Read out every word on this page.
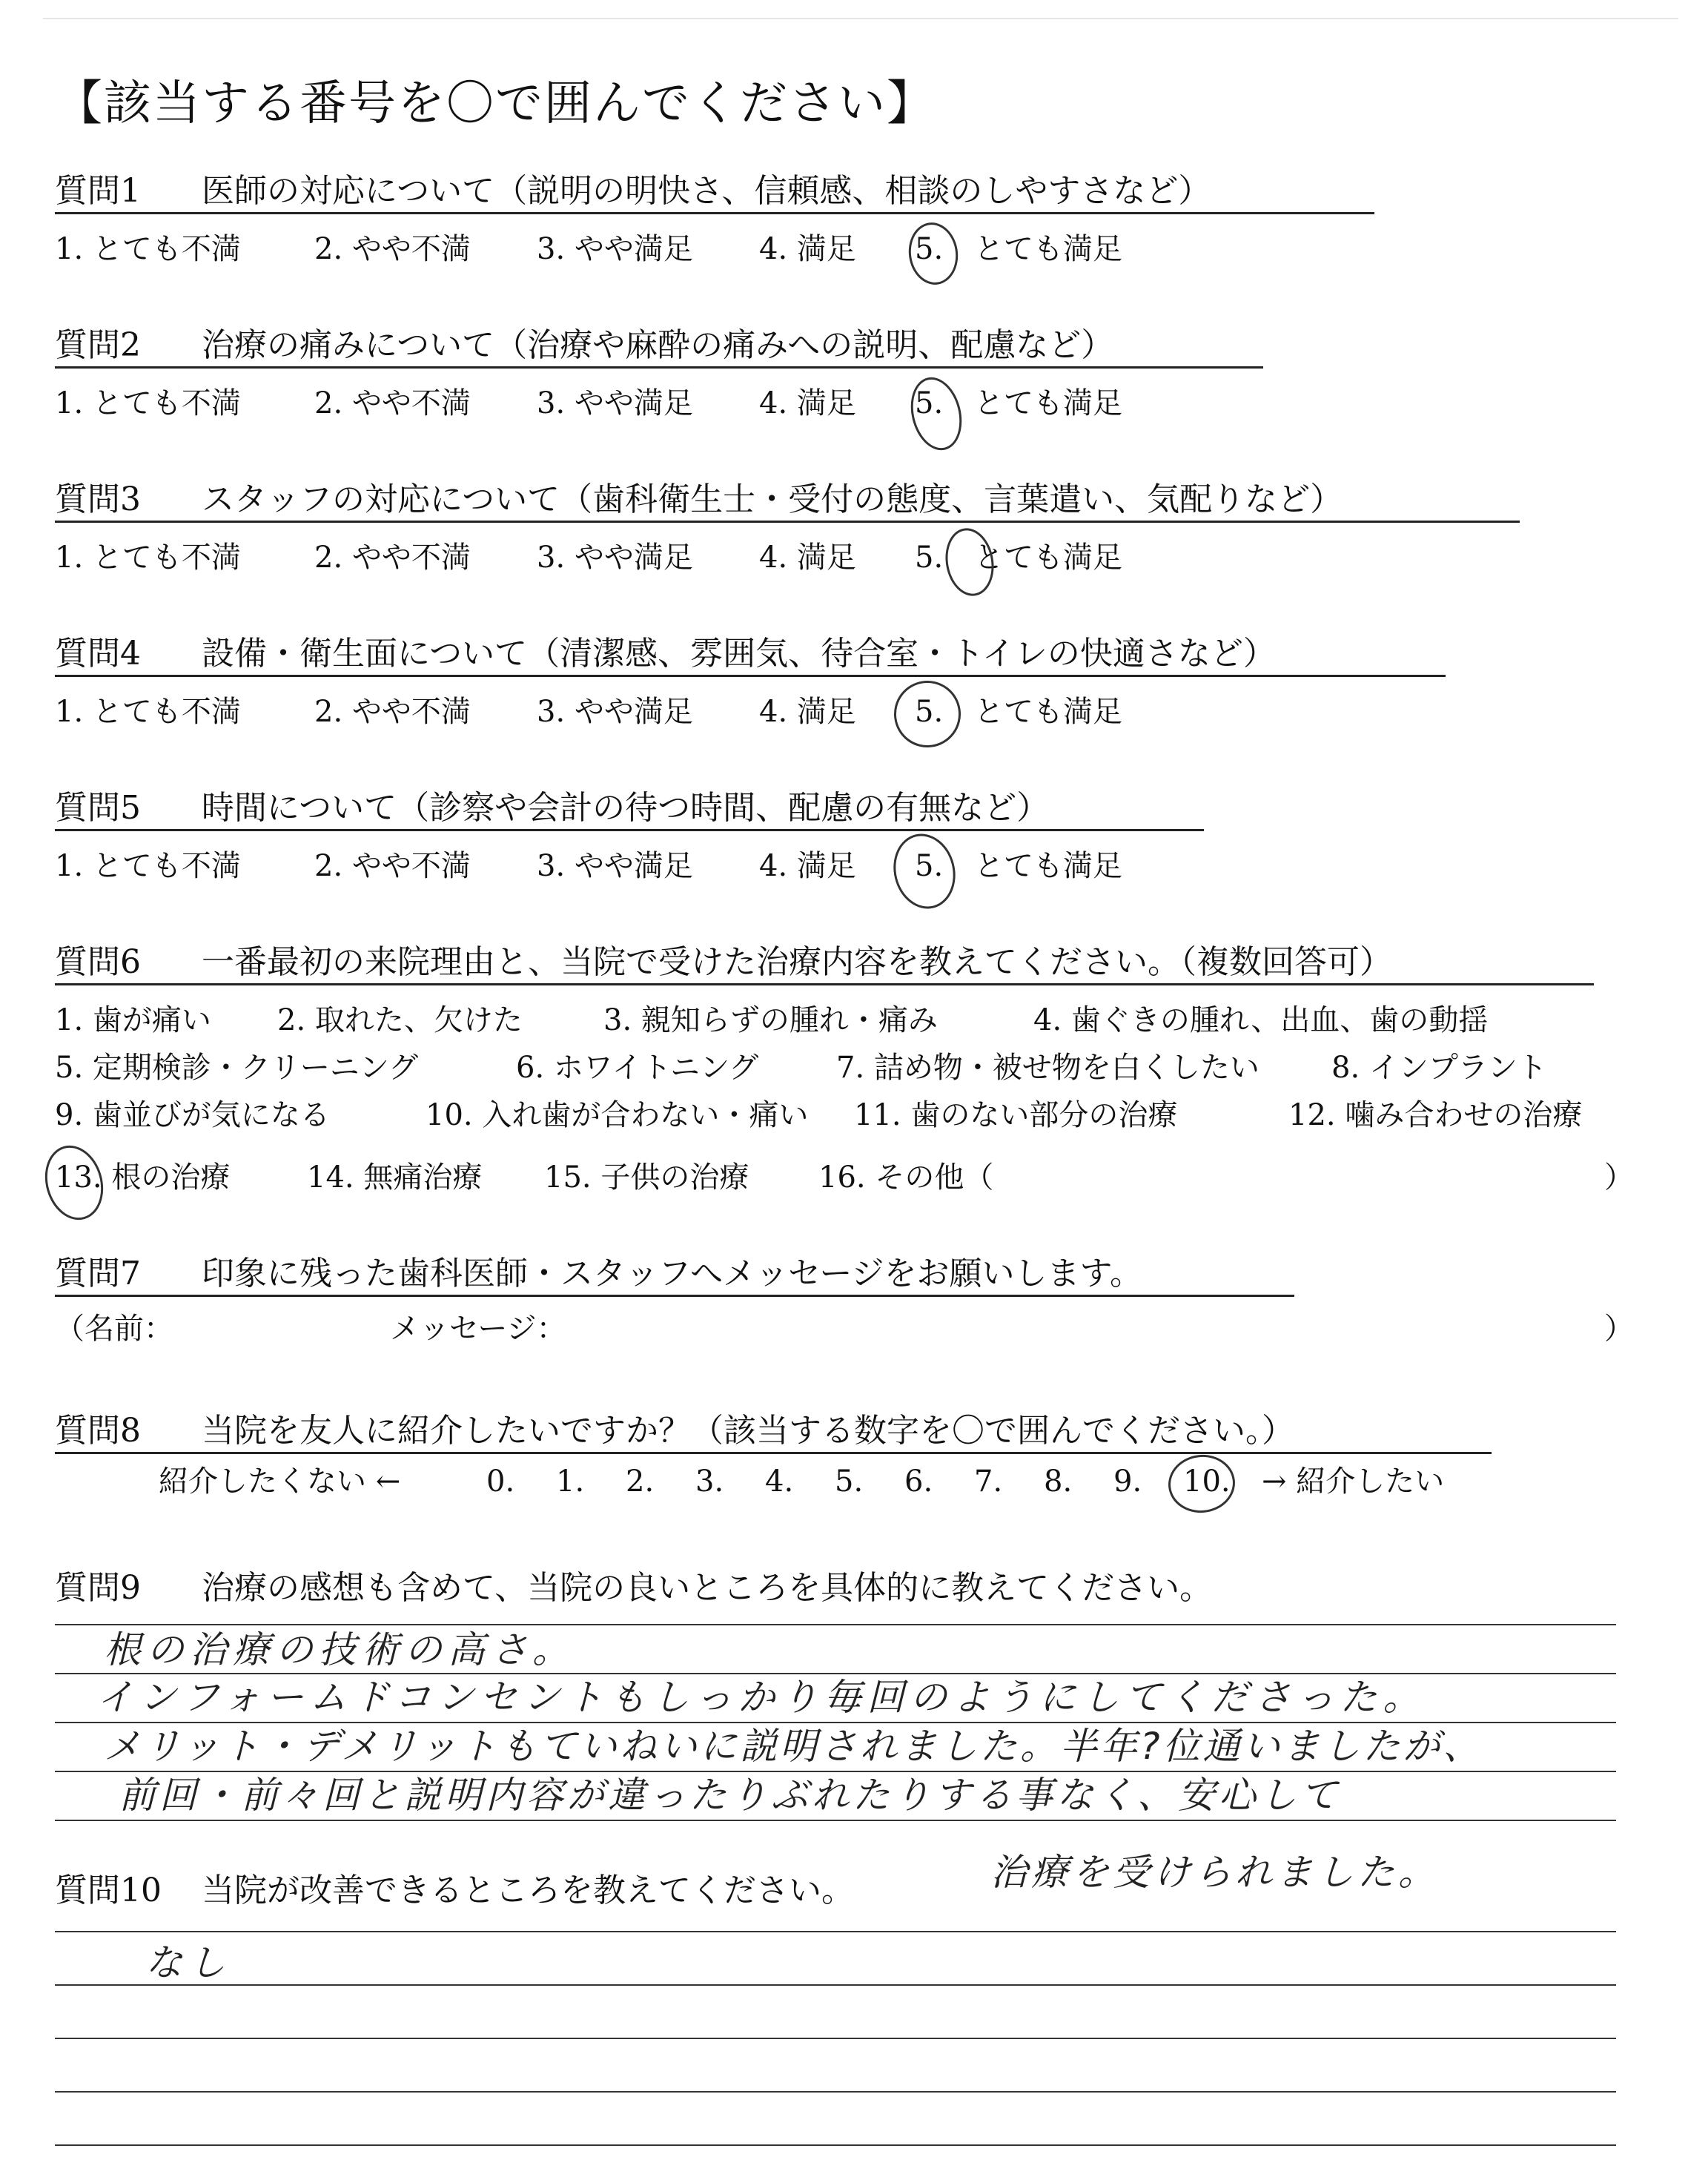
【該当する番号を〇で囲んでください】
質問1 医師の対応について（説明の明快さ、信頼感、相談のしやすさなど）
1. とても不満 2. やや不満 3. やや満足 4. 満足 5. とても満足
質問2 治療の痛みについて（治療や麻酔の痛みへの説明、配慮など）
1. とても不満 2. やや不満 3. やや満足 4. 満足 5. とても満足
質問3 スタッフの対応について（歯科衛生士・受付の態度、言葉遣い、気配りなど）
1. とても不満 2. やや不満 3. やや満足 4. 満足 5. とても満足
質問4 設備・衛生面について（清潔感、雰囲気、待合室・トイレの快適さなど）
1. とても不満 2. やや不満 3. やや満足 4. 満足 5. とても満足
質問5 時間について（診察や会計の待つ時間、配慮の有無など）
1. とても不満 2. やや不満 3. やや満足 4. 満足 5. とても満足
質問6 一番最初の来院理由と、当院で受けた治療内容を教えてください。（複数回答可）
1. 歯が痛い 2. 取れた、欠けた	3. 親知らずの腫れ・痛み	4. 歯ぐきの腫れ、出血、歯の動揺
5. 定期検診・クリーニング	6. ホワイトニング	7. 詰め物・被せ物を白くしたい 8. インプラント
9. 歯並びが気になる	10. 入れ歯が合わない・痛い 11. 歯のない部分の治療	12. 噛み合わせの治療
13. 根の治療	14. 無痛治療 15. 子供の治療 16. その他（	）
質問7 印象に残った歯科医師・スタッフへメッセージをお願いします。
（名前：	メッセージ：	）
質問8 当院を友人に紹介したいですか？（該当する数字を〇で囲んでください。）
紹介したくない ←	0. 1. 2. 3. 4. 5. 6. 7. 8. 9. 10. → 紹介したい
質問9 治療の感想も含めて、当院の良いところを具体的に教えてください。
根の治療の技術の高さ。
インフォームドコンセントもしっかり毎回のようにしてくださった。
メリット・デメリットもていねいに説明されました。半年?位通いましたが、
前回・前々回と説明内容が違ったりぶれたりする事なく、安心して
治療を受けられました。
質問10 当院が改善できるところを教えてください。
なし
